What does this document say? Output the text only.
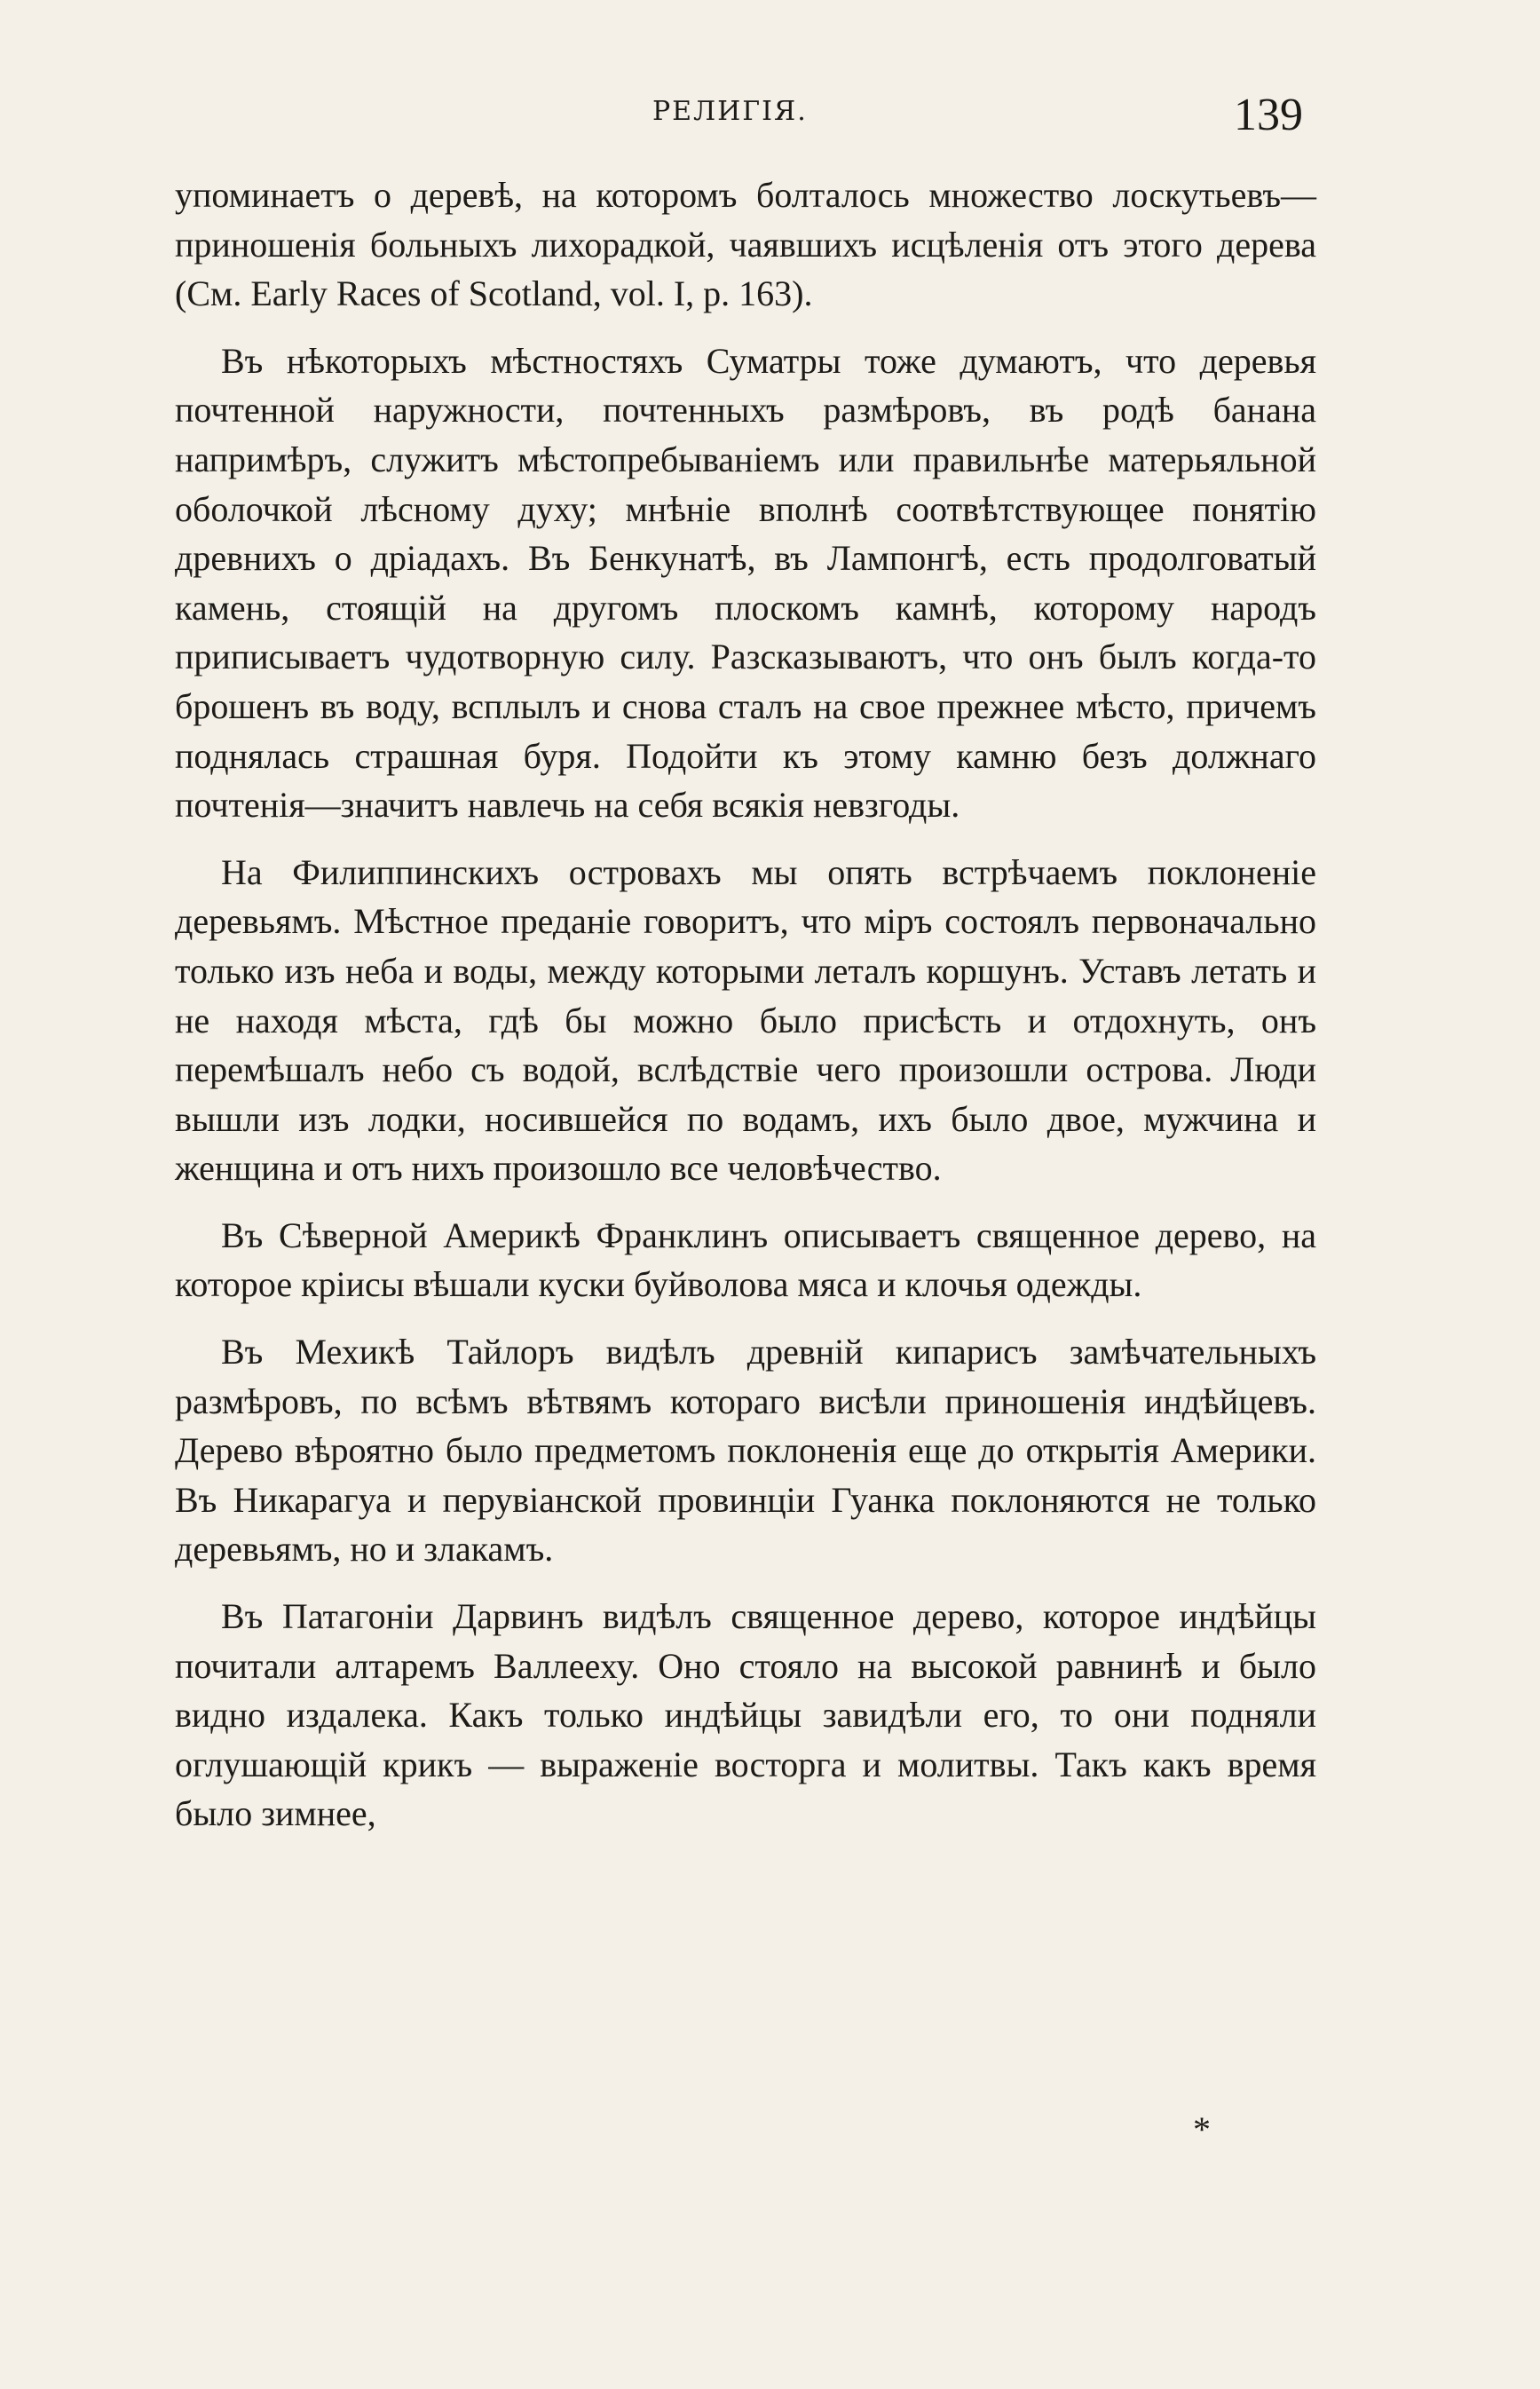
РЕЛИГІЯ.	139

упоминаетъ о деревѣ, на которомъ болталось множество лоскутьевъ—приношенія больныхъ лихорадкой, чаявшихъ исцѣленія отъ этого дерева (См. Early Races of Scotland, vol. I, p. 163).

Въ нѣкоторыхъ мѣстностяхъ Суматры тоже думаютъ, что деревья почтенной наружности, почтенныхъ размѣровъ, въ родѣ банана напримѣръ, служитъ мѣстопребываніемъ или правильнѣе матерьяльной оболочкой лѣсному духу; мнѣніе вполнѣ соотвѣтствующее понятію древнихъ о дріадахъ. Въ Бенкунатѣ, въ Лампонгѣ, есть продолговатый камень, стоящій на другомъ плоскомъ камнѣ, которому народъ приписываетъ чудотворную силу. Разсказываютъ, что онъ былъ когда-то брошенъ въ воду, всплылъ и снова сталъ на свое прежнее мѣсто, причемъ поднялась страшная буря. Подойти къ этому камню безъ должнаго почтенія—значитъ навлечь на себя всякія невзгоды.

На Филиппинскихъ островахъ мы опять встрѣчаемъ поклоненіе деревьямъ. Мѣстное преданіе говоритъ, что міръ состоялъ первоначально только изъ неба и воды, между которыми леталъ коршунъ. Уставъ летать и не находя мѣста, гдѣ бы можно было присѣсть и отдохнуть, онъ перемѣшалъ небо съ водой, вслѣдствіе чего произошли острова. Люди вышли изъ лодки, носившейся по водамъ, ихъ было двое, мужчина и женщина и отъ нихъ произошло все человѣчество.

Въ Сѣверной Америкѣ Франклинъ описываетъ священное дерево, на которое кріисы вѣшали куски буйволова мяса и клочья одежды.

Въ Мехикѣ Тайлоръ видѣлъ древній кипарисъ замѣчательныхъ размѣровъ, по всѣмъ вѣтвямъ котораго висѣли приношенія индѣйцевъ. Дерево вѣроятно было предметомъ поклоненія еще до открытія Америки. Въ Никарагуа и перувіанской провинціи Гуанка поклоняются не только деревьямъ, но и злакамъ.

Въ Патагоніи Дарвинъ видѣлъ священное дерево, которое индѣйцы почитали алтаремъ Валлееху. Оно стояло на высокой равнинѣ и было видно издалека. Какъ только индѣйцы завидѣли его, то они подняли оглушающій крикъ — выраженіе восторга и молитвы. Такъ какъ время было зимнее,

*
